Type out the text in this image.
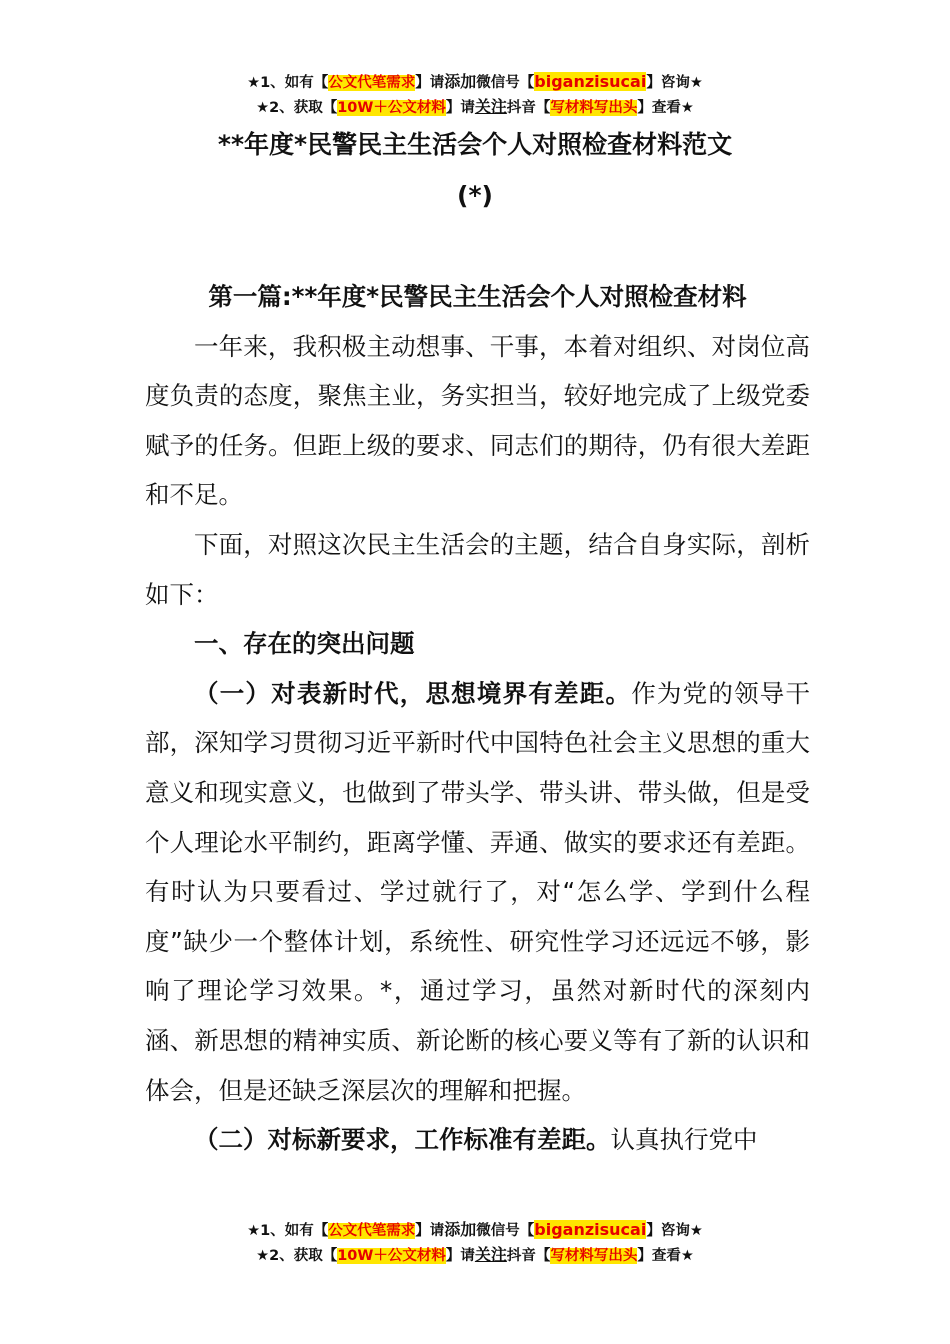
★1、如有【公文代笔需求】请添加微信号【biganzisucai】咨询★
★2、获取【10W＋公文材料】请关注抖音【写材料写出头】查看★
**年度*民警民主生活会个人对照检查材料范文
(*)

第一篇:**年度*民警民主生活会个人对照检查材料

一年来，我积极主动想事、干事，本着对组织、对岗位高度负责的态度，聚焦主业，务实担当，较好地完成了上级党委赋予的任务。但距上级的要求、同志们的期待，仍有很大差距和不足。

下面，对照这次民主生活会的主题，结合自身实际，剖析如下：

一、存在的突出问题

（一）对表新时代，思想境界有差距。作为党的领导干部，深知学习贯彻习近平新时代中国特色社会主义思想的重大意义和现实意义，也做到了带头学、带头讲、带头做，但是受个人理论水平制约，距离学懂、弄通、做实的要求还有差距。有时认为只要看过、学过就行了，对“怎么学、学到什么程度”缺少一个整体计划，系统性、研究性学习还远远不够，影响了理论学习效果。*，通过学习，虽然对新时代的深刻内涵、新思想的精神实质、新论断的核心要义等有了新的认识和体会，但是还缺乏深层次的理解和把握。

（二）对标新要求，工作标准有差距。认真执行党中

★1、如有【公文代笔需求】请添加微信号【biganzisucai】咨询★
★2、获取【10W＋公文材料】请关注抖音【写材料写出头】查看★
